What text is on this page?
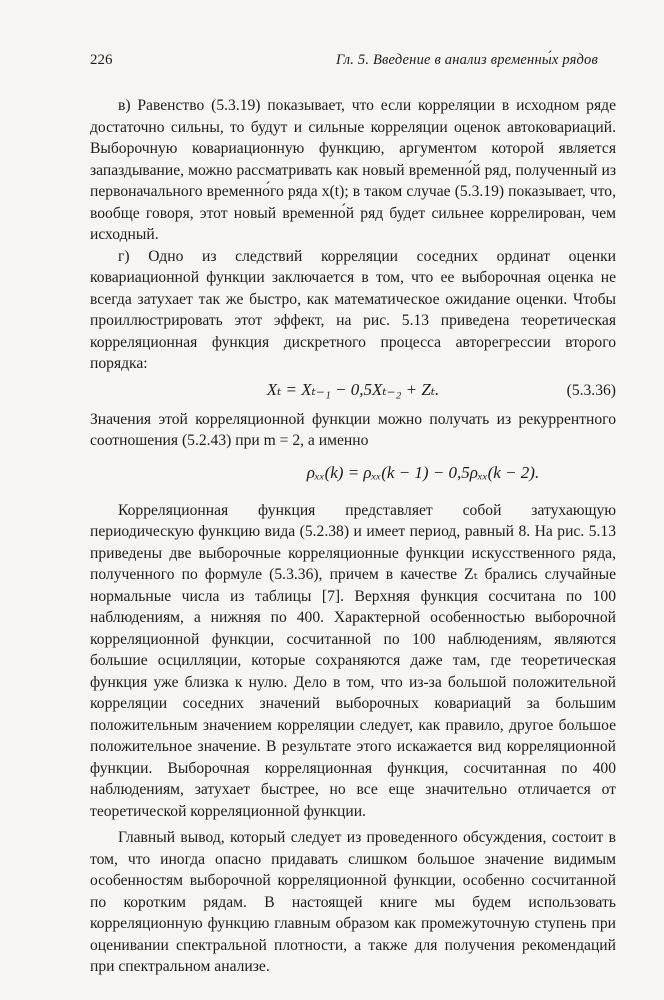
226	Гл. 5. Введение в анализ временны́х рядов

в) Равенство (5.3.19) показывает, что если корреляции в исходном ряде достаточно сильны, то будут и сильные корреляции оценок автоковариаций. Выборочную ковариационную функцию, аргументом которой является запаздывание, можно рассматривать как новый временно́й ряд, полученный из первоначального временно́го ряда x(t); в таком случае (5.3.19) показывает, что, вообще говоря, этот новый временно́й ряд будет сильнее коррелирован, чем исходный.

г) Одно из следствий корреляции соседних ординат оценки ковариационной функции заключается в том, что ее выборочная оценка не всегда затухает так же быстро, как математическое ожидание оценки. Чтобы проиллюстрировать этот эффект, на рис. 5.13 приведена теоретическая корреляционная функция дискретного процесса авторегрессии второго порядка:

Xₜ = Xₜ₋₁ − 0,5Xₜ₋₂ + Zₜ.	(5.3.36)

Значения этой корреляционной функции можно получать из рекуррентного соотношения (5.2.43) при m = 2, а именно

ρₓₓ(k) = ρₓₓ(k − 1) − 0,5ρₓₓ(k − 2).

Корреляционная функция представляет собой затухающую периодическую функцию вида (5.2.38) и имеет период, равный 8. На рис. 5.13 приведены две выборочные корреляционные функции искусственного ряда, полученного по формуле (5.3.36), причем в качестве Zₜ брались случайные нормальные числа из таблицы [7]. Верхняя функция сосчитана по 100 наблюдениям, а нижняя по 400. Характерной особенностью выборочной корреляционной функции, сосчитанной по 100 наблюдениям, являются большие осцилляции, которые сохраняются даже там, где теоретическая функция уже близка к нулю. Дело в том, что из-за большой положительной корреляции соседних значений выборочных ковариаций за большим положительным значением корреляции следует, как правило, другое большое положительное значение. В результате этого искажается вид корреляционной функции. Выборочная корреляционная функция, сосчитанная по 400 наблюдениям, затухает быстрее, но все еще значительно отличается от теоретической корреляционной функции.

Главный вывод, который следует из проведенного обсуждения, состоит в том, что иногда опасно придавать слишком большое значение видимым особенностям выборочной корреляционной функции, особенно сосчитанной по коротким рядам. В настоящей книге мы будем использовать корреляционную функцию главным образом как промежуточную ступень при оценивании спектральной плотности, а также для получения рекомендаций при спектральном анализе.
